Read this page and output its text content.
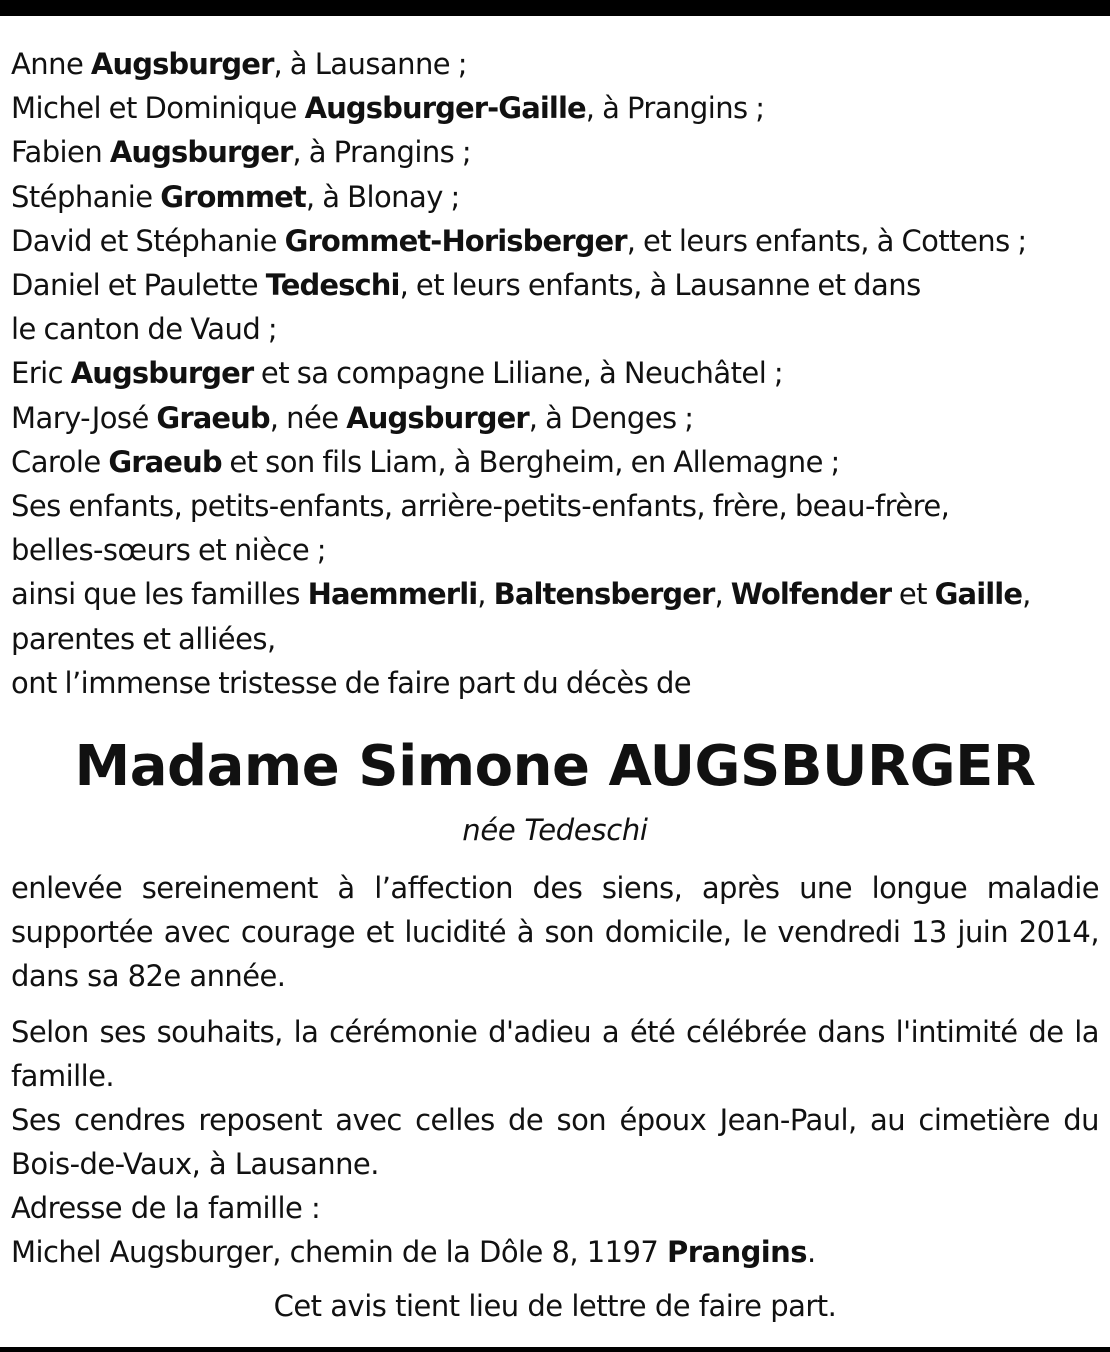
Anne Augsburger, à Lausanne ;
Michel et Dominique Augsburger-Gaille, à Prangins ;
Fabien Augsburger, à Prangins ;
Stéphanie Grommet, à Blonay ;
David et Stéphanie Grommet-Horisberger, et leurs enfants, à Cottens ;
Daniel et Paulette Tedeschi, et leurs enfants, à Lausanne et dans
le canton de Vaud ;
Eric Augsburger et sa compagne Liliane, à Neuchâtel ;
Mary-José Graeub, née Augsburger, à Denges ;
Carole Graeub et son fils Liam, à Bergheim, en Allemagne ;
Ses enfants, petits-enfants, arrière-petits-enfants, frère, beau-frère,
belles-sœurs et nièce ;
ainsi que les familles Haemmerli, Baltensberger, Wolfender et Gaille,
parentes et alliées,
ont l’immense tristesse de faire part du décès de
Madame Simone AUGSBURGER
née Tedeschi
enlevée sereinement à l’affection des siens, après une longue maladie supportée avec courage et lucidité à son domicile, le vendredi 13 juin 2014, dans sa 82e année.
Selon ses souhaits, la cérémonie d'adieu a été célébrée dans l'intimité de la famille.
Ses cendres reposent avec celles de son époux Jean-Paul, au cimetière du Bois-de-Vaux, à Lausanne.
Adresse de la famille :
Michel Augsburger, chemin de la Dôle 8, 1197 Prangins.
Cet avis tient lieu de lettre de faire part.
